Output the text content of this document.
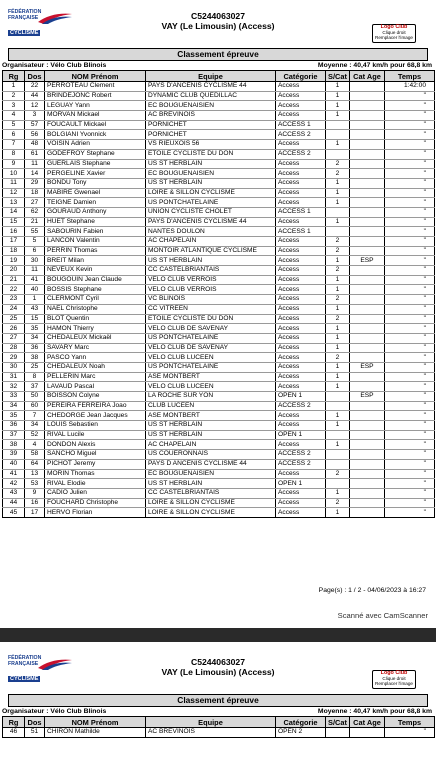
FÉDÉRATION
FRANÇAISE
CYCLISME
C5244063027
VAY (Le Limousin) (Access)	Logo Club
Clique droit
Remplacer l'image
Classement épreuve
Organisateur : Vélo Club Blinois	Moyenne : 40,47 km/h pour 68,8 km
Rg	Dos	NOM Prénom	Equipe	Catégorie	S/Cat	Cat Age	Temps
1	22	PERROTEAU Clement	PAYS D'ANCENIS CYCLISME 44	Access	1		1:42:00
2	44	BRINDEJONC Robert	DYNAMIC CLUB QUEDILLAC	Access	1		"
3	12	LEGUAY Yann	EC BOUGUENAISIEN	Access	1		"
4	3	MORVAN Mickael	AC BREVINOIS	Access	1		"
5	57	FOUCAULT Mickael	PORNICHET	ACCESS 1			"
6	56	BOLGIANI Yvonnick	PORNICHET	ACCESS 2			"
7	48	VOISIN Adrien	VS RIEUXOIS 56	Access	1		"
8	61	GODEFROY Stephane	ETOILE CYCLISTE DU DON	ACCESS 2			"
9	11	GUERLAIS Stephane	US ST HERBLAIN	Access	2		"
10	14	PERGELINE Xavier	EC BOUGUENAISIEN	Access	2		"
11	29	BONDU Tony	US ST HERBLAIN	Access	1		"
12	18	MABIRE Gwenael	LOIRE & SILLON CYCLISME	Access	1		"
13	27	TEIGNE Damien	US PONTCHATELAINE	Access	1		"
14	62	GOURAUD Anthony	UNION CYCLISTE CHOLET	ACCESS 1			"
15	21	HUET Stephane	PAYS D'ANCENIS CYCLISME 44	Access	1		"
16	55	SABOURIN Fabien	NANTES DOULON	ACCESS 1			"
17	5	LANCON Valentin	AC CHAPELAIN	Access	2		"
18	6	PERRIN Thomas	MONTOIR ATLANTIQUE CYCLISME	Access	2		"
19	30	BREIT Milan	US ST HERBLAIN	Access	1	ESP	"
20	11	NEVEUX Kevin	CC CASTELBRIANTAIS	Access	2		"
21	41	BOUGOUIN Jean Claude	VELO CLUB VERROIS	Access	1		"
22	40	BOSSIS Stephane	VELO CLUB VERROIS	Access	1		"
23	1	CLERMONT Cyril	VC BLINOIS	Access	2		"
24	43	NAEL Christophe	CC VITREEN	Access	1		"
25	15	BLOT Quentin	ETOILE CYCLISTE DU DON	Access	2		"
26	35	HAMON Thierry	VELO CLUB DE SAVENAY	Access	1		"
27	34	CHEDALEUX Mickaël	US PONTCHATELAINE	Access	1		"
28	36	SAVARY Marc	VELO CLUB DE SAVENAY	Access	1		"
29	38	PASCO Yann	VELO CLUB LUCEEN	Access	2		"
30	25	CHEDALEUX Noah	US PONTCHATELAINE	Access	1	ESP	"
31	8	PELLERIN Marc	ASE MONTBERT	Access	1		"
32	37	LAVAUD Pascal	VELO CLUB LUCEEN	Access	1		"
33	50	BOISSON Colyne	LA ROCHE SUR YON	OPEN 1		ESP	"
34	60	PEREIRA FERREIRA Joao	CLUB LUCEEN	ACCESS 2			"
35	7	CHEDORGE Jean Jacques	ASE MONTBERT	Access	1		"
36	34	LOUIS Sebastien	US ST HERBLAIN	Access	1		"
37	52	RIVAL Lucile	US ST HERBLAIN	OPEN 1			"
38	4	DONDON Alexis	AC CHAPELAIN	Access	1		"
39	58	SANCHO Miguel	US COUERONNAIS	ACCESS 2			"
40	64	PICHOT Jeremy	PAYS D ANCENIS CYCLISME 44	ACCESS 2			"
41	13	MORIN Thomas	EC BOUGUENAISIEN	Access	2		"
42	53	RIVAL Elodie	US ST HERBLAIN	OPEN 1			"
43	9	CADIO Julien	CC CASTELBRIANTAIS	Access	1		"
44	16	FOUCHARD Christophe	LOIRE & SILLON CYCLISME	Access	2		"
45	17	HERVO Florian	LOIRE & SILLON CYCLISME	Access	1		"
Page(s) : 1 / 2 - 04/06/2023 à 16:27
Scanné avec CamScanner
FÉDÉRATION
FRANÇAISE
CYCLISME
C5244063027
VAY (Le Limousin) (Access)	Logo Club
Clique droit
Remplacer l'image
Classement épreuve
Organisateur : Vélo Club Blinois	Moyenne : 40,47 km/h pour 68,8 km
Rg	Dos	NOM Prénom	Equipe	Catégorie	S/Cat	Cat Age	Temps
46	51	CHIRON Mathilde	AC BREVINOIS	OPEN 2			"
